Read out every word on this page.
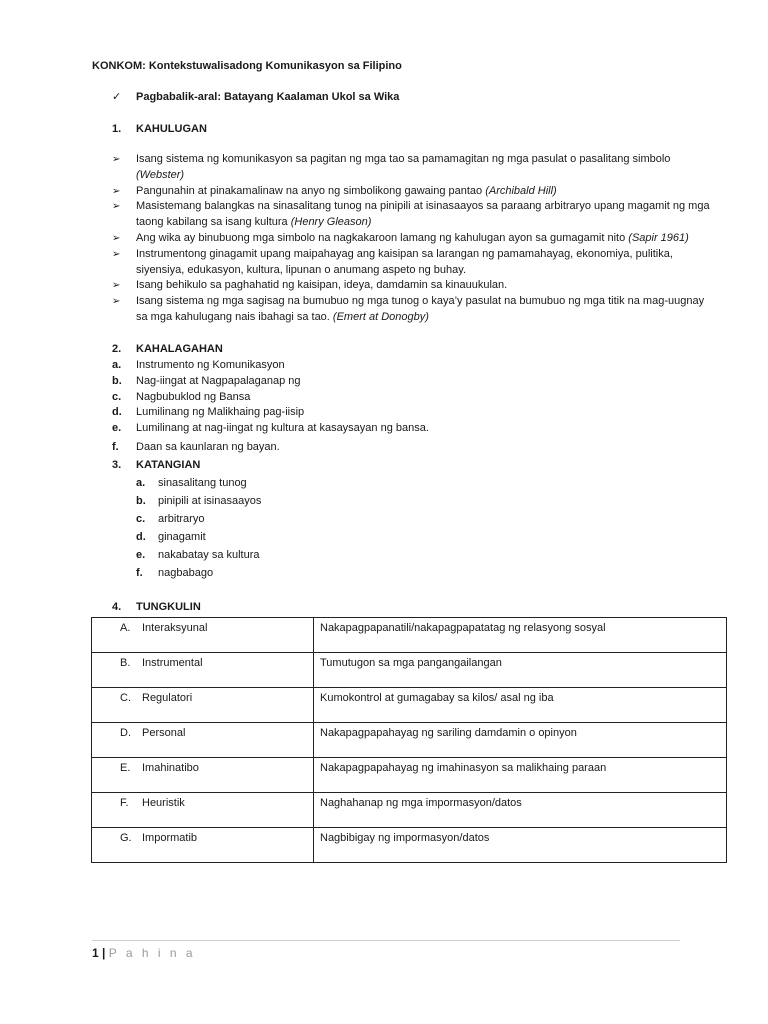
KONKOM: Kontekstuwalisadong Komunikasyon sa Filipino
✓	Pagbabalik-aral: Batayang Kaalaman Ukol sa Wika
1.	KAHULUGAN
➢	Isang sistema ng komunikasyon sa pagitan ng mga tao sa pamamagitan ng mga pasulat o pasalitang simbolo (Webster)
➢	Pangunahin at pinakamalinaw na anyo ng simbolikong gawaing pantao (Archibald Hill)
➢	Masistemang balangkas na sinasalitang tunog na pinipili at isinasaayos sa paraang arbitraryo upang magamit ng mga taong kabilang sa isang kultura (Henry Gleason)
➢	Ang wika ay binubuong mga simbolo na nagkakaroon lamang ng kahulugan ayon sa gumagamit nito (Sapir 1961)
➢	Instrumentong ginagamit upang maipahayag ang kaisipan sa larangan ng pamamahayag, ekonomiya, pulitika, siyensiya, edukasyon, kultura, lipunan o anumang aspeto ng buhay.
➢	Isang behikulo sa paghahatid ng kaisipan, ideya, damdamin sa kinauukulan.
➢	Isang sistema ng mga sagisag na bumubuo ng mga tunog o kaya’y pasulat na bumubuo ng mga titik na mag-uugnay sa mga kahulugang nais ibahagi sa tao. (Emert at Donogby)
2.	KAHALAGAHAN
a.	Instrumento ng Komunikasyon
b.	Nag-iingat at Nagpapalaganap ng
c.	Nagbubuklod ng Bansa
d.	Lumilinang ng Malikhaing pag-iisip
e.	Lumilinang at nag-iingat ng kultura at kasaysayan ng bansa.
f.	Daan sa kaunlaran ng bayan.
3.	KATANGIAN
a.	sinasalitang tunog
b.	pinipili at isinasaayos
c.	arbitraryo
d.	ginagamit
e.	nakabatay sa kultura
f.	nagbabago
4.	TUNGKULIN
A. Interaksyunal	Nakapagpapanatili/nakapagpapatatag ng relasyong sosyal
B. Instrumental	Tumutugon sa mga pangangailangan
C. Regulatori	Kumokontrol at gumagabay sa kilos/ asal ng iba
D. Personal	Nakapagpapahayag ng sariling damdamin o opinyon
E. Imahinatibo	Nakapagpapahayag ng imahinasyon sa malikhaing paraan
F. Heuristik	Naghahanap ng mga impormasyon/datos
G. Impormatib	Nagbibigay ng impormasyon/datos
1 | P a h i n a
